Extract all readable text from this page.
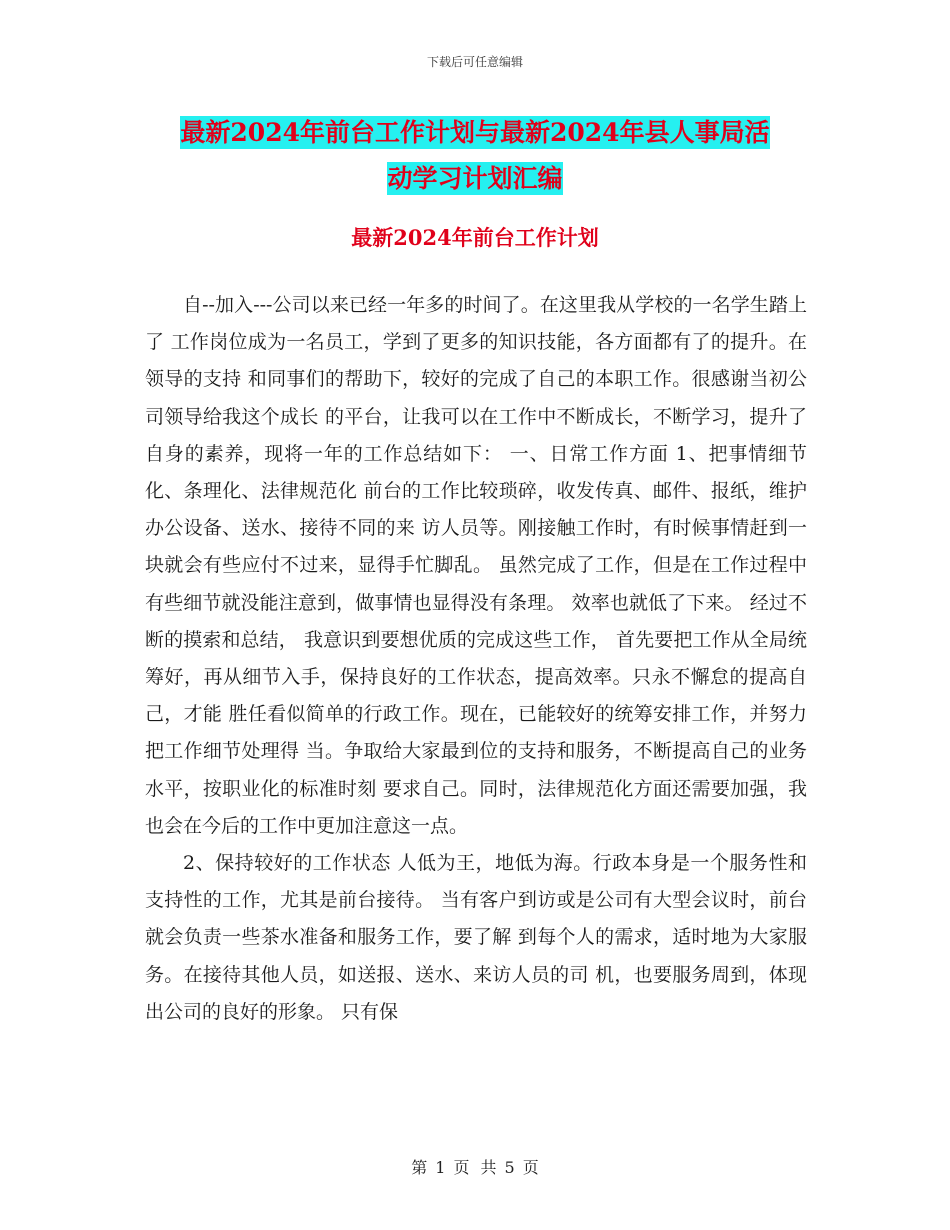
下载后可任意编辑
最新2024年前台工作计划与最新2024年县人事局活
动学习计划汇编
最新2024年前台工作计划

自--加入---公司以来已经一年多的时间了。在这里我从学校的一名学生踏上了 工作岗位成为一名员工，学到了更多的知识技能，各方面都有了的提升。在领导的支持 和同事们的帮助下，较好的完成了自己的本职工作。很感谢当初公司领导给我这个成长 的平台，让我可以在工作中不断成长，不断学习，提升了自身的素养，现将一年的工作总结如下： 一、日常工作方面 1、把事情细节化、条理化、法律规范化 前台的工作比较琐碎，收发传真、邮件、报纸，维护办公设备、送水、接待不同的来 访人员等。刚接触工作时，有时候事情赶到一块就会有些应付不过来，显得手忙脚乱。 虽然完成了工作，但是在工作过程中有些细节就没能注意到，做事情也显得没有条理。 效率也就低了下来。 经过不断的摸索和总结， 我意识到要想优质的完成这些工作， 首先要把工作从全局统 筹好，再从细节入手，保持良好的工作状态，提高效率。只永不懈怠的提高自己，才能 胜任看似简单的行政工作。现在，已能较好的统筹安排工作，并努力把工作细节处理得 当。争取给大家最到位的支持和服务，不断提高自己的业务水平，按职业化的标准时刻 要求自己。同时，法律规范化方面还需要加强，我也会在今后的工作中更加注意这一点。

2、保持较好的工作状态 人低为王，地低为海。行政本身是一个服务性和支持性的工作，尤其是前台接待。 当有客户到访或是公司有大型会议时，前台就会负责一些茶水准备和服务工作，要了解 到每个人的需求，适时地为大家服务。在接待其他人员，如送报、送水、来访人员的司 机，也要服务周到，体现出公司的良好的形象。 只有保

第 1 页 共 5 页
